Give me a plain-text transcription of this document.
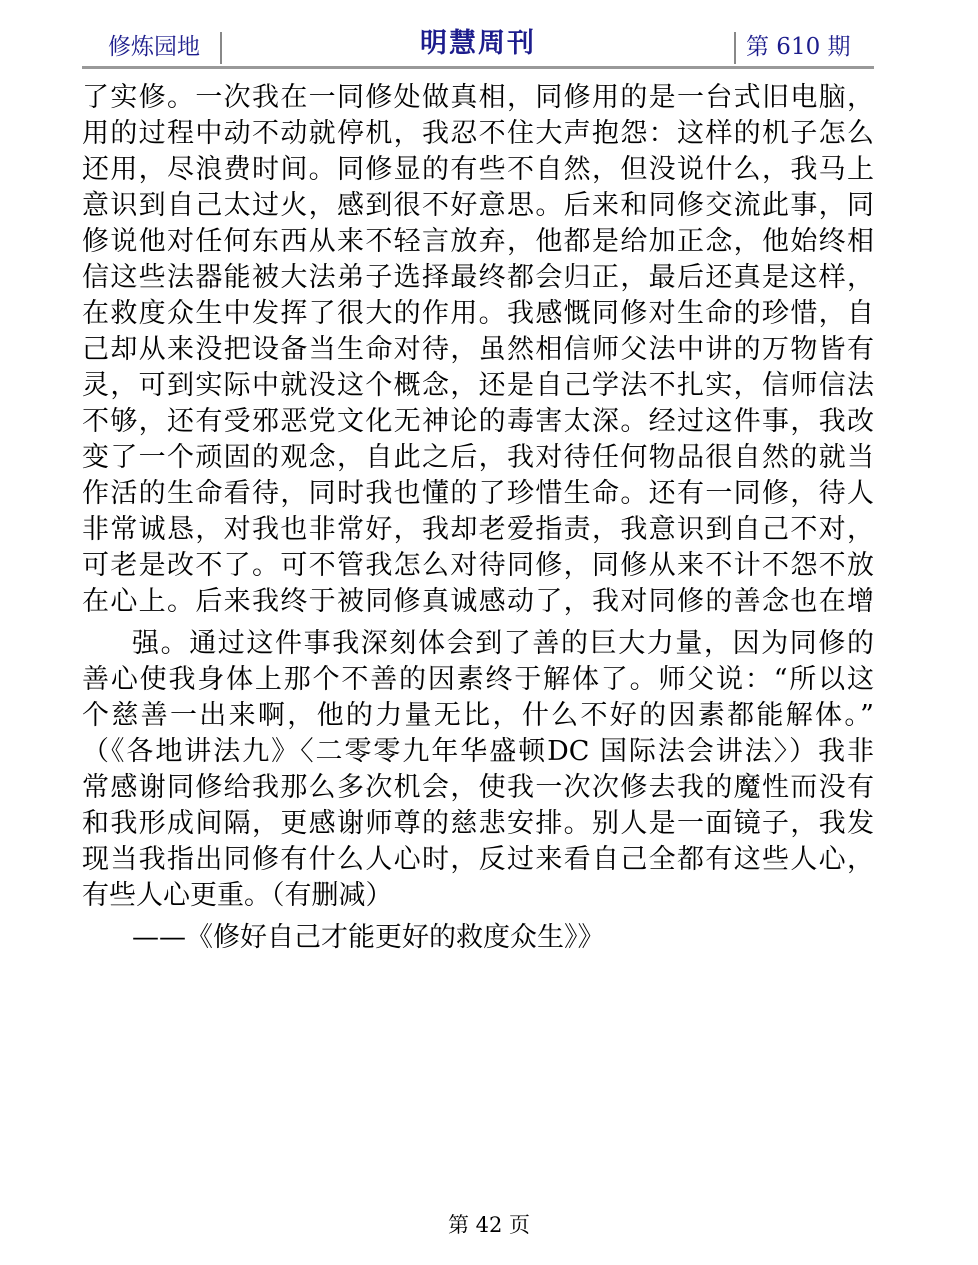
修炼园地	明慧周刊	第 610 期
了实修。一次我在一同修处做真相，同修用的是一台式旧电脑，
用的过程中动不动就停机，我忍不住大声抱怨：这样的机子怎么
还用，尽浪费时间。同修显的有些不自然，但没说什么，我马上
意识到自己太过火，感到很不好意思。后来和同修交流此事，同
修说他对任何东西从来不轻言放弃，他都是给加正念，他始终相
信这些法器能被大法弟子选择最终都会归正，最后还真是这样，
在救度众生中发挥了很大的作用。我感慨同修对生命的珍惜，自
己却从来没把设备当生命对待，虽然相信师父法中讲的万物皆有
灵，可到实际中就没这个概念，还是自己学法不扎实，信师信法
不够，还有受邪恶党文化无神论的毒害太深。经过这件事，我改
变了一个顽固的观念，自此之后，我对待任何物品很自然的就当
作活的生命看待，同时我也懂的了珍惜生命。还有一同修，待人
非常诚恳，对我也非常好，我却老爱指责，我意识到自己不对，
可老是改不了。可不管我怎么对待同修，同修从来不计不怨不放
在心上。后来我终于被同修真诚感动了，我对同修的善念也在增
强。通过这件事我深刻体会到了善的巨大力量，因为同修的
善心使我身体上那个不善的因素终于解体了。师父说：“所以这
个慈善一出来啊，他的力量无比，什么不好的因素都能解体。”
（《各地讲法九》〈二零零九年华盛顿DC 国际法会讲法〉）我非
常感谢同修给我那么多次机会，使我一次次修去我的魔性而没有
和我形成间隔，更感谢师尊的慈悲安排。别人是一面镜子，我发
现当我指出同修有什么人心时，反过来看自己全都有这些人心，
有些人心更重。（有删减）
——《修好自己才能更好的救度众生》》
第 42 页
